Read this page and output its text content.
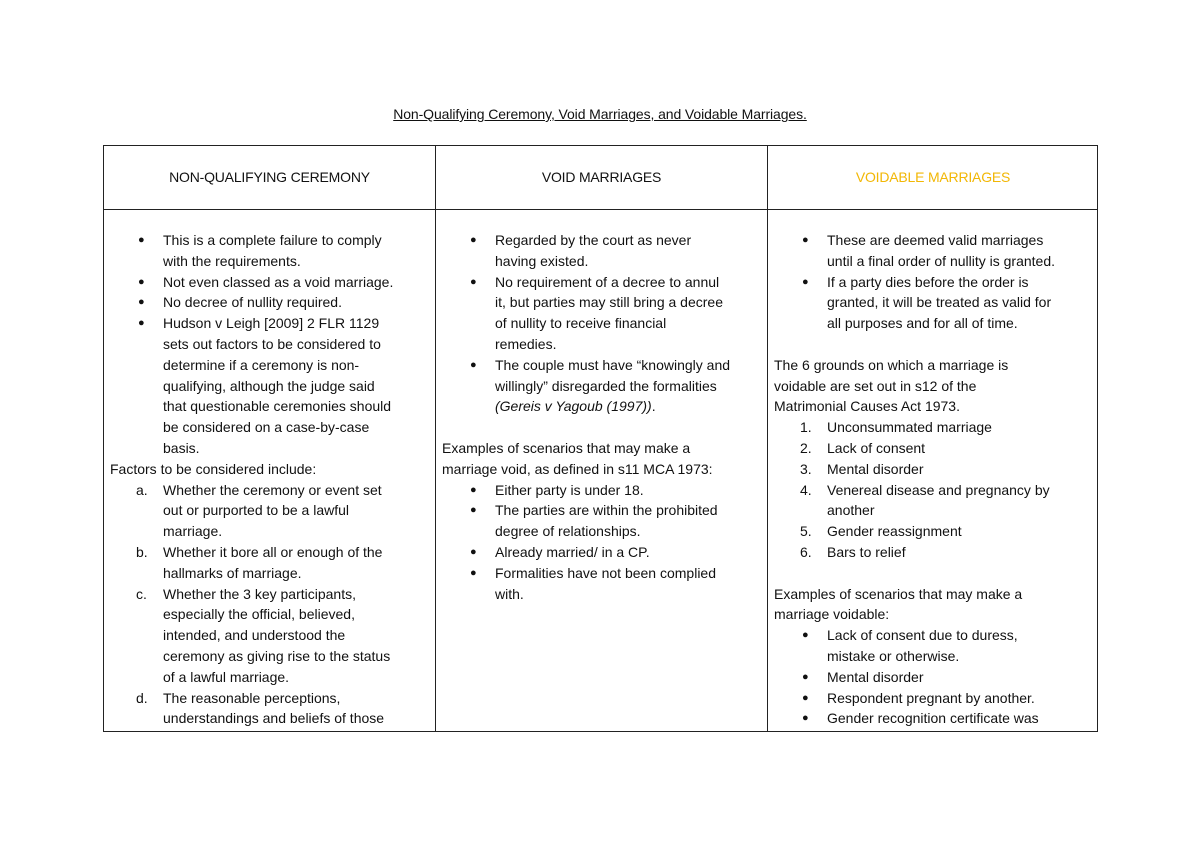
Non-Qualifying Ceremony, Void Marriages, and Voidable Marriages.
NON-QUALIFYING CEREMONY	VOID MARRIAGES	VOIDABLE MARRIAGES
● This is a complete failure to comply
with the requirements.
● Not even classed as a void marriage.
● No decree of nullity required.
● Hudson v Leigh [2009] 2 FLR 1129
sets out factors to be considered to
determine if a ceremony is non-
qualifying, although the judge said
that questionable ceremonies should
be considered on a case-by-case
basis.
Factors to be considered include:
a. Whether the ceremony or event set
out or purported to be a lawful
marriage.
b. Whether it bore all or enough of the
hallmarks of marriage.
c. Whether the 3 key participants,
especially the official, believed,
intended, and understood the
ceremony as giving rise to the status
of a lawful marriage.
d. The reasonable perceptions,
understandings and beliefs of those
● Regarded by the court as never
having existed.
● No requirement of a decree to annul
it, but parties may still bring a decree
of nullity to receive financial
remedies.
● The couple must have “knowingly and
willingly” disregarded the formalities
(Gereis v Yagoub (1997)).
Examples of scenarios that may make a
marriage void, as defined in s11 MCA 1973:
● Either party is under 18.
● The parties are within the prohibited
degree of relationships.
● Already married/ in a CP.
● Formalities have not been complied
with.
● These are deemed valid marriages
until a final order of nullity is granted.
● If a party dies before the order is
granted, it will be treated as valid for
all purposes and for all of time.
The 6 grounds on which a marriage is
voidable are set out in s12 of the
Matrimonial Causes Act 1973.
1. Unconsummated marriage
2. Lack of consent
3. Mental disorder
4. Venereal disease and pregnancy by
another
5. Gender reassignment
6. Bars to relief
Examples of scenarios that may make a
marriage voidable:
● Lack of consent due to duress,
mistake or otherwise.
● Mental disorder
● Respondent pregnant by another.
● Gender recognition certificate was
